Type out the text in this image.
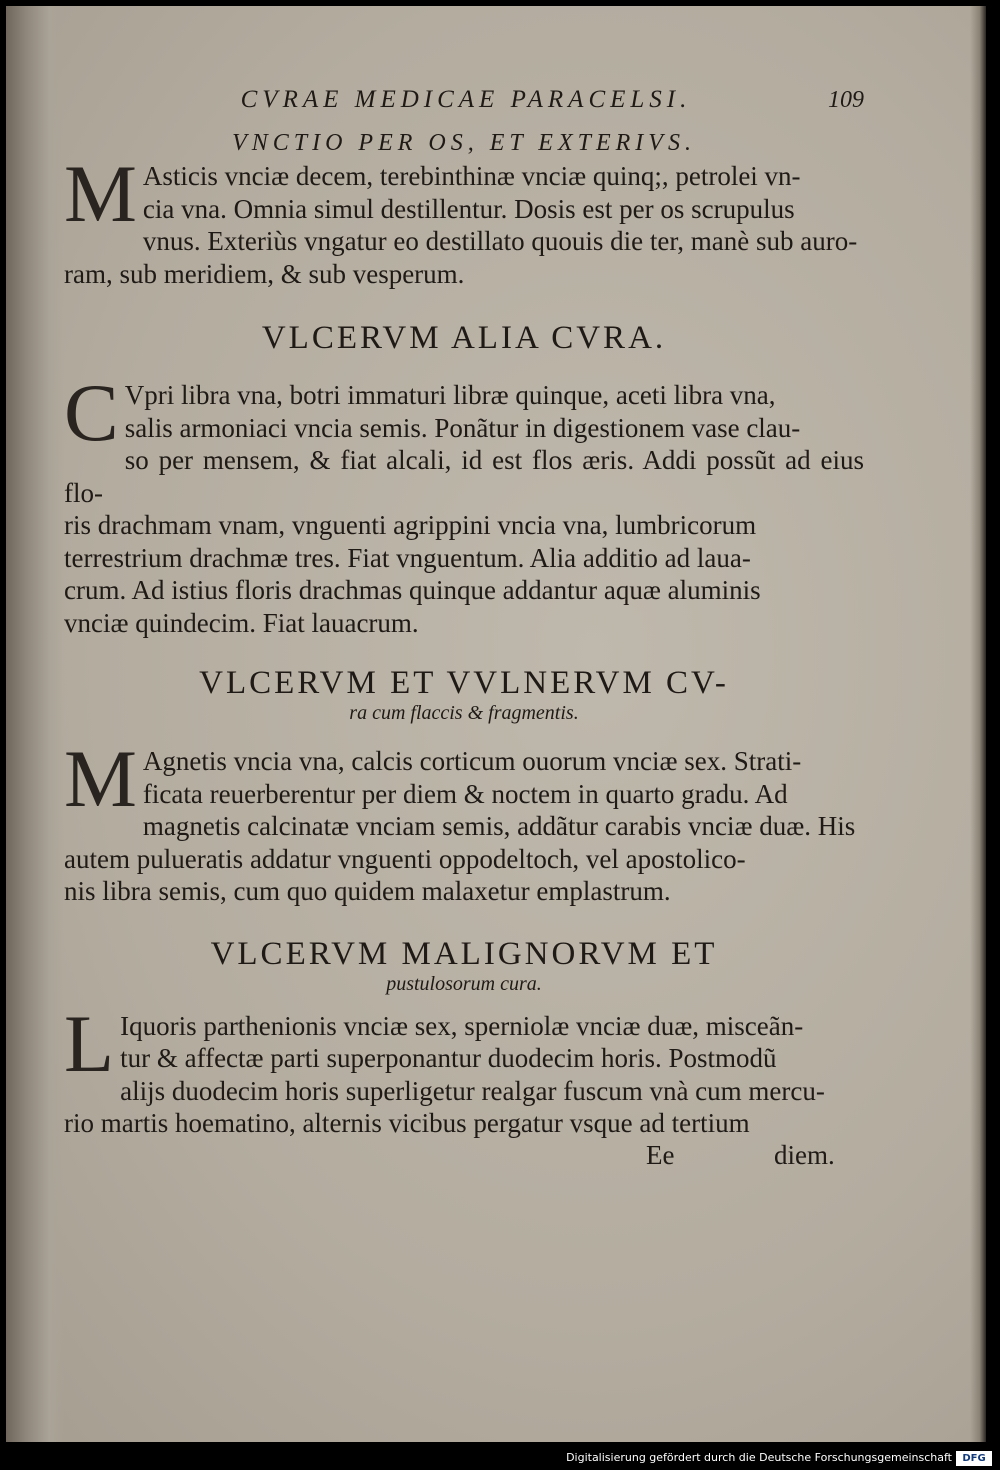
CVRAE MEDICAE PARACELSI.	109
VNCTIO PER OS, ET EXTERIVS.
M Asticis vnciæ decem, terebinthinæ vnciæ quinq;, petrolei vn-
cia vna. Omnia simul destillentur. Dosis est per os scrupulus
vnus. Exteriùs vngatur eo destillato quouis die ter, manè sub auro-
ram, sub meridiem, & sub vesperum.
VLCERVM ALIA CVRA.
C Vpri libra vna, botri immaturi libræ quinque, aceti libra vna,
salis armoniaci vncia semis. Ponãtur in digestionem vase clau-
so per mensem, & fiat alcali, id est flos æris. Addi possũt ad eius flo-
ris drachmam vnam, vnguenti agrippini vncia vna, lumbricorum
terrestrium drachmæ tres. Fiat vnguentum. Alia additio ad laua-
crum. Ad istius floris drachmas quinque addantur aquæ aluminis
vnciæ quindecim. Fiat lauacrum.
VLCERVM ET VVLNERVM CV-
ra cum flaccis & fragmentis.
M Agnetis vncia vna, calcis corticum ouorum vnciæ sex. Strati-
ficata reuerberentur per diem & noctem in quarto gradu. Ad
magnetis calcinatæ vnciam semis, addãtur carabis vnciæ duæ. His
autem pulueratis addatur vnguenti oppodeltoch, vel apostolico-
nis libra semis, cum quo quidem malaxetur emplastrum.
VLCERVM MALIGNORVM ET
pustulosorum cura.
L Iquoris parthenionis vnciæ sex, sperniolæ vnciæ duæ, misceãn-
tur & affectæ parti superponantur duodecim horis. Postmodũ
alijs duodecim horis superligetur realgar fuscum vnà cum mercu-
rio martis hoematino, alternis vicibus pergatur vsque ad tertium
Ee	diem.
Digitalisierung gefördert durch die Deutsche Forschungsgemeinschaft	DFG
